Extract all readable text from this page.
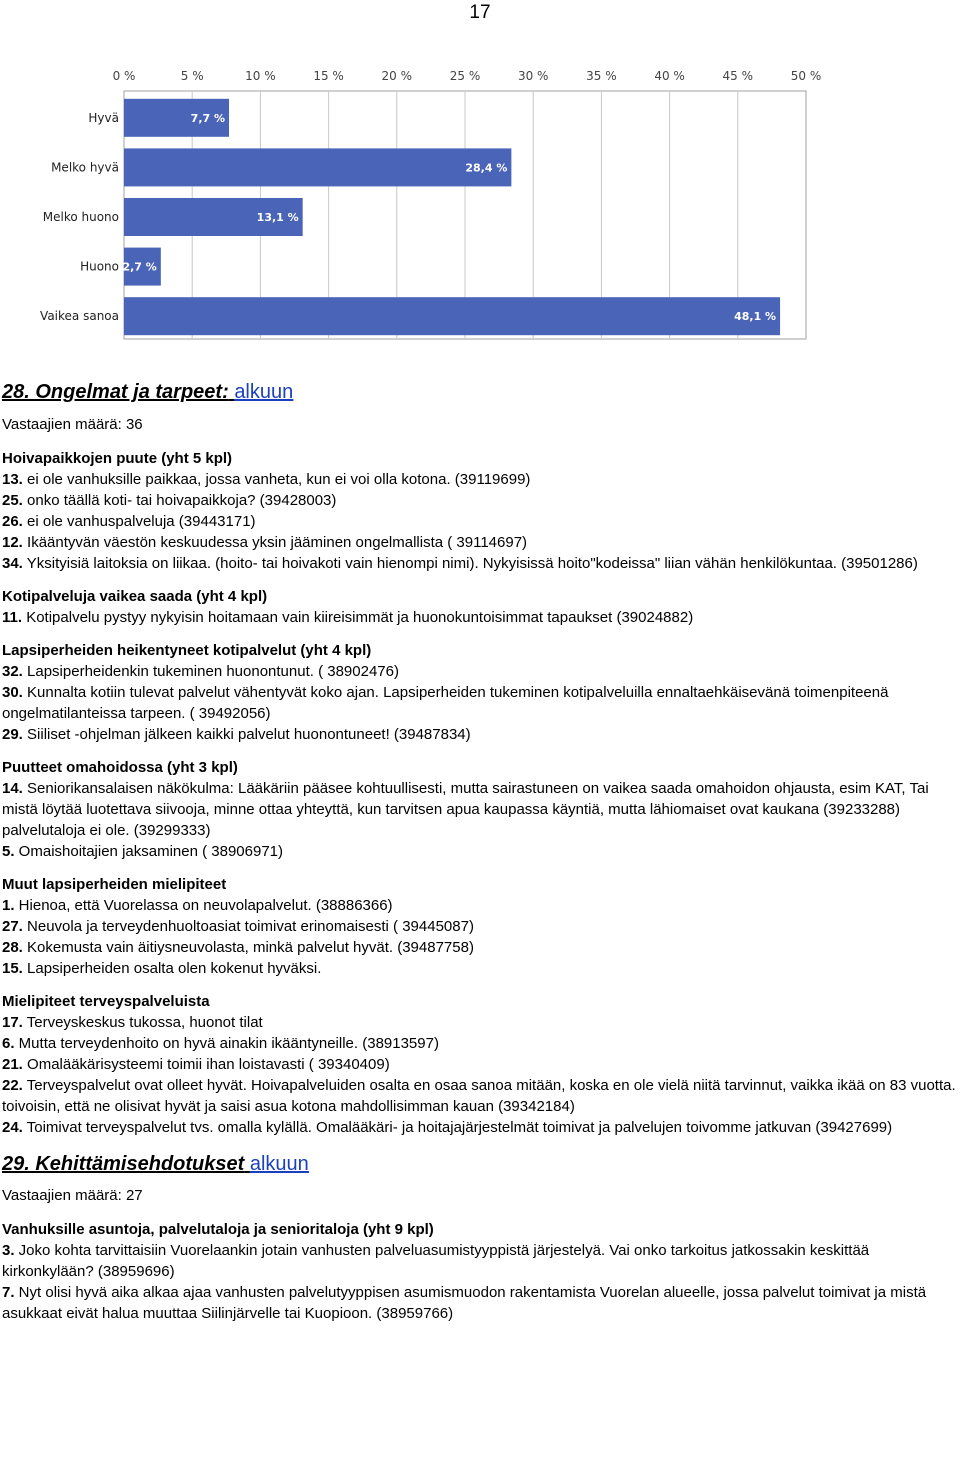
17
0 %	5 %	10 %	15 %	20 %	25 %	30 %	35 %	40 %	45 %	50 %
Hyvä
Melko hyvä
Melko huono
Huono
Vaikea sanoa
7,7 %
28,4 %
13,1 %
2,7 %
48,1 %
28. Ongelmat ja tarpeet: alkuun

Vastaajien määrä: 36

Hoivapaikkojen puute (yht 5 kpl)

13. ei ole vanhuksille paikkaa, jossa vanheta, kun ei voi olla kotona. (39119699)

25. onko täällä koti- tai hoivapaikkoja? (39428003)

26. ei ole vanhuspalveluja (39443171)

12. Ikääntyvän väestön keskuudessa yksin jääminen ongelmallista ( 39114697)

34. Yksityisiä laitoksia on liikaa. (hoito- tai hoivakoti vain hienompi nimi). Nykyisissä hoito"kodeissa" liian vähän henkilökuntaa. (39501286)

Kotipalveluja vaikea saada (yht 4 kpl)

11. Kotipalvelu pystyy nykyisin hoitamaan vain kiireisimmät ja huonokuntoisimmat tapaukset (39024882)

Lapsiperheiden heikentyneet kotipalvelut (yht 4 kpl)

32. Lapsiperheidenkin tukeminen huonontunut. ( 38902476)

30. Kunnalta kotiin tulevat palvelut vähentyvät koko ajan. Lapsiperheiden tukeminen kotipalveluilla ennaltaehkäisevänä toimenpiteenä ongelmatilanteissa tarpeen. ( 39492056)

29. Siiliset -ohjelman jälkeen kaikki palvelut huonontuneet! (39487834)

Puutteet omahoidossa (yht 3 kpl)

14. Seniorikansalaisen näkökulma: Lääkäriin pääsee kohtuullisesti, mutta sairastuneen on vaikea saada omahoidon ohjausta, esim KAT, Tai mistä löytää luotettava siivooja, minne ottaa yhteyttä, kun tarvitsen apua kaupassa käyntiä, mutta lähiomaiset ovat kaukana (39233288)

palvelutaloja ei ole. (39299333)

5. Omaishoitajien jaksaminen ( 38906971)

Muut lapsiperheiden mielipiteet

1. Hienoa, että Vuorelassa on neuvolapalvelut. (38886366)

27. Neuvola ja terveydenhuoltoasiat toimivat erinomaisesti ( 39445087)

28. Kokemusta vain äitiysneuvolasta, minkä palvelut hyvät. (39487758)

15. Lapsiperheiden osalta olen kokenut hyväksi.

Mielipiteet terveyspalveluista

17. Terveyskeskus tukossa, huonot tilat

6. Mutta terveydenhoito on hyvä ainakin ikääntyneille. (38913597)

21. Omalääkärisysteemi toimii ihan loistavasti ( 39340409)

22. Terveyspalvelut ovat olleet hyvät. Hoivapalveluiden osalta en osaa sanoa mitään, koska en ole vielä niitä tarvinnut, vaikka ikää on 83 vuotta. toivoisin, että ne olisivat hyvät ja saisi asua kotona mahdollisimman kauan (39342184)

24. Toimivat terveyspalvelut tvs. omalla kylällä. Omalääkäri- ja hoitajajärjestelmät toimivat ja palvelujen toivomme jatkuvan (39427699)

29. Kehittämisehdotukset alkuun

Vastaajien määrä: 27

Vanhuksille asuntoja, palvelutaloja ja senioritaloja (yht 9 kpl)

3. Joko kohta tarvittaisiin Vuorelaankin jotain vanhusten palveluasumistyyppistä järjestelyä. Vai onko tarkoitus jatkossakin keskittää kirkonkylään? (38959696)

7. Nyt olisi hyvä aika alkaa ajaa vanhusten palvelutyyppisen asumismuodon rakentamista Vuorelan alueelle, jossa palvelut toimivat ja mistä asukkaat eivät halua muuttaa Siilinjärvelle tai Kuopioon. (38959766)
